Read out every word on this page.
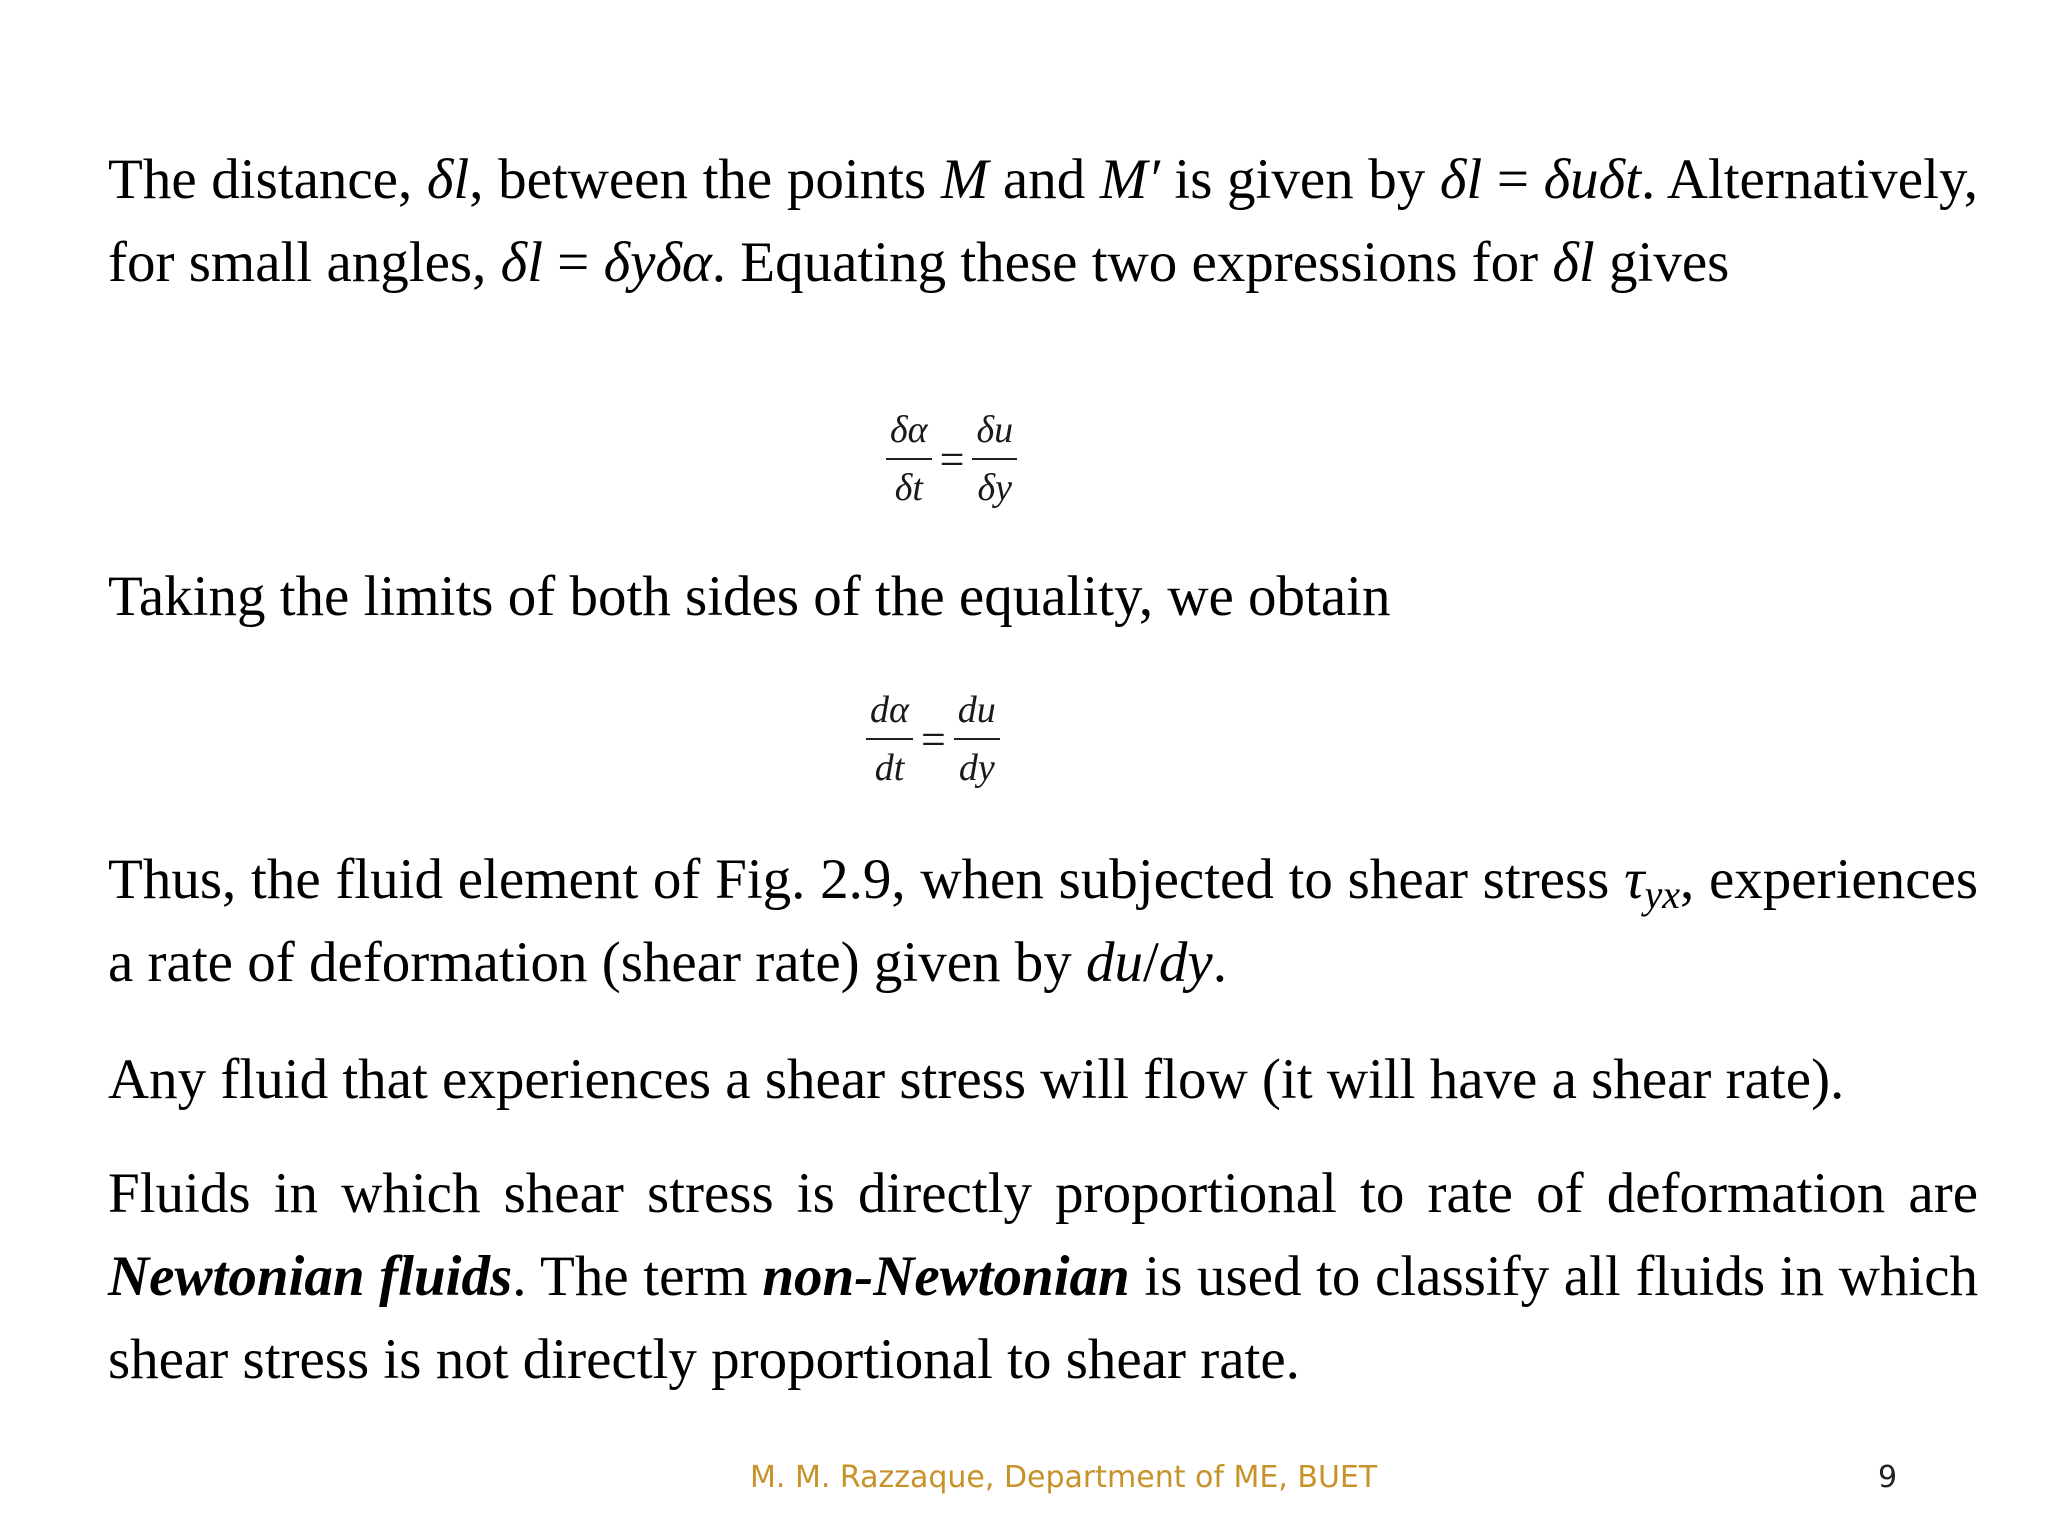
The distance, δl, between the points M and M′ is given by δl = δuδt. Alternatively, for small angles, δl = δyδα. Equating these two expressions for δl gives

$\frac{\delta\alpha}{\delta t} = \frac{\delta u}{\delta y}$

Taking the limits of both sides of the equality, we obtain

$\frac{d\alpha}{dt} = \frac{du}{dy}$

Thus, the fluid element of Fig. 2.9, when subjected to shear stress $\tau_{yx}$, experiences a rate of deformation (shear rate) given by du/dy.

Any fluid that experiences a shear stress will flow (it will have a shear rate).

Fluids in which shear stress is directly proportional to rate of deformation are Newtonian fluids. The term non-Newtonian is used to classify all fluids in which shear stress is not directly proportional to shear rate.

M. M. Razzaque, Department of ME, BUET	9
